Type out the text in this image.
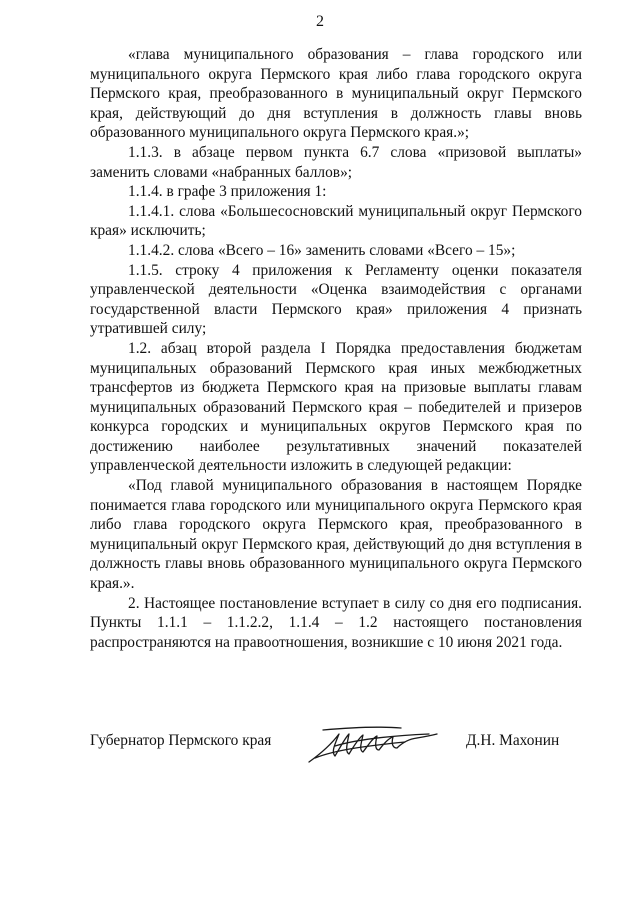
2

«глава муниципального образования – глава городского или муниципального округа Пермского края либо глава городского округа Пермского края, преобразованного в муниципальный округ Пермского края, действующий до дня вступления в должность главы вновь образованного муниципального округа Пермского края.»;

1.1.3. в абзаце первом пункта 6.7 слова «призовой выплаты» заменить словами «набранных баллов»;

1.1.4. в графе 3 приложения 1:

1.1.4.1. слова «Большесосновский муниципальный округ Пермского края» исключить;

1.1.4.2. слова «Всего – 16» заменить словами «Всего – 15»;

1.1.5. строку 4 приложения к Регламенту оценки показателя управленческой деятельности «Оценка взаимодействия с органами государственной власти Пермского края» приложения 4 признать утратившей силу;

1.2. абзац второй раздела I Порядка предоставления бюджетам муниципальных образований Пермского края иных межбюджетных трансфертов из бюджета Пермского края на призовые выплаты главам муниципальных образований Пермского края – победителей и призеров конкурса городских и муниципальных округов Пермского края по достижению наиболее результативных значений показателей управленческой деятельности изложить в следующей редакции:

«Под главой муниципального образования в настоящем Порядке понимается глава городского или муниципального округа Пермского края либо глава городского округа Пермского края, преобразованного в муниципальный округ Пермского края, действующий до дня вступления в должность главы вновь образованного муниципального округа Пермского края.».

2. Настоящее постановление вступает в силу со дня его подписания. Пункты 1.1.1 – 1.1.2.2, 1.1.4 – 1.2 настоящего постановления распространяются на правоотношения, возникшие с 10 июня 2021 года.

Губернатор Пермского края	Д.Н. Махонин
